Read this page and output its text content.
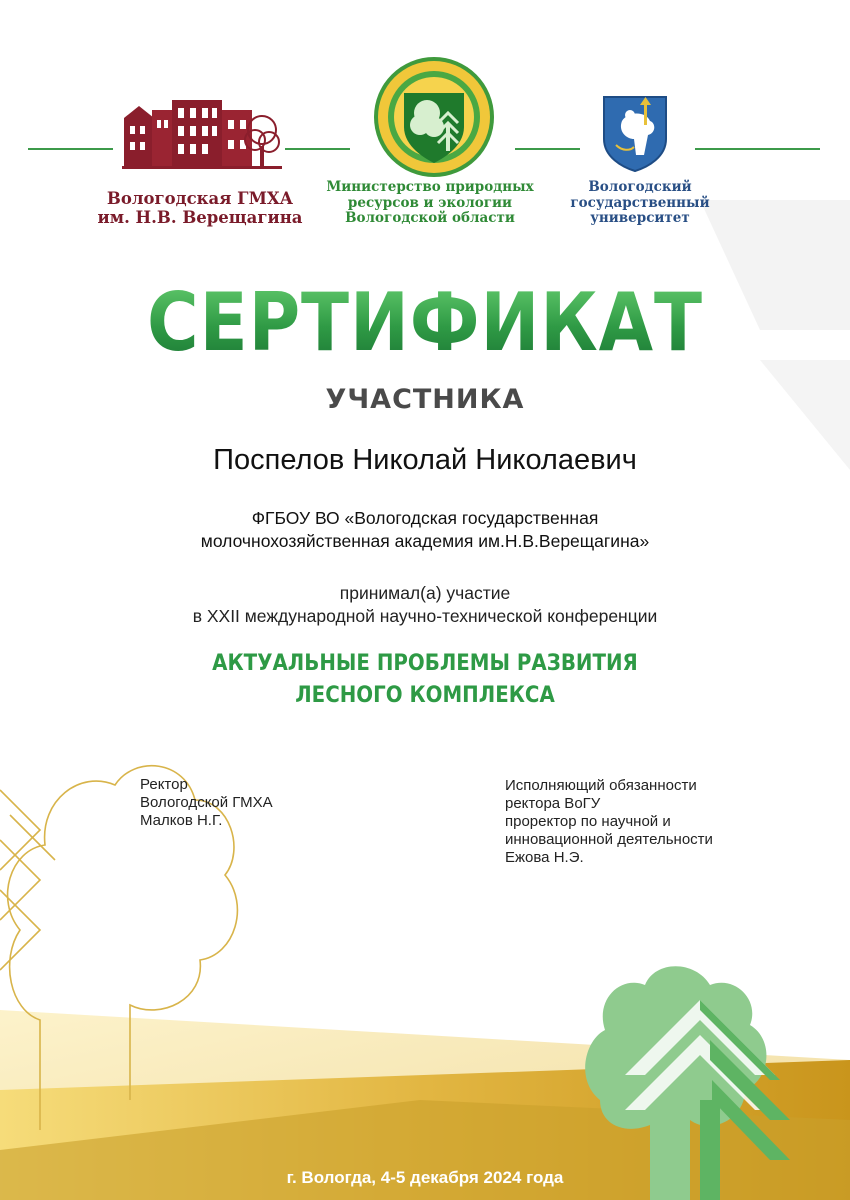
Вологодская ГМХА
им. Н.В. Верещагина
Министерство природных
ресурсов и экологии
Вологодской области
Вологодский
государственный
университет
СЕРТИФИКАТ
УЧАСТНИКА
Поспелов Николай Николаевич
ФГБОУ ВО «Вологодская государственная
молочнохозяйственная академия им.Н.В.Верещагина»
принимал(а) участие
в XXII международной научно-технической конференции
АКТУАЛЬНЫЕ ПРОБЛЕМЫ РАЗВИТИЯ
ЛЕСНОГО КОМПЛЕКСА
Ректор
Вологодской ГМХА
Малков Н.Г.
Исполняющий обязанности
ректора ВоГУ
проректор по научной и
инновационной деятельности
Ежова Н.Э.
г. Вологда, 4-5 декабря 2024 года
